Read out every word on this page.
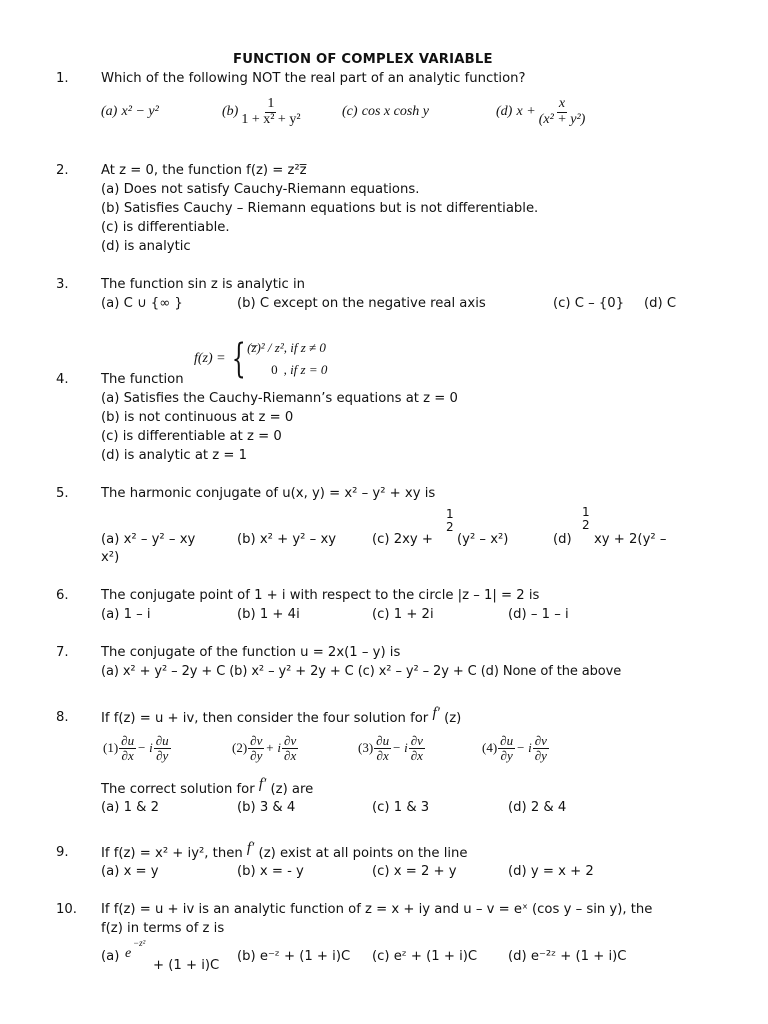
FUNCTION OF COMPLEX VARIABLE
1. Which of the following NOT the real part of an analytic function?
(a)
x² − y²	$(b) \frac{1}{\text{1 + x² + y²}}$	(c)
cos x cosh y	(d)
$x + \frac{x}{\text{(x² + y²)}}$
2. At z = 0, the function f(z) = z²z̅
(a) Does not satisfy Cauchy-Riemann equations.
(b) Satisfies Cauchy – Riemann equations but is not differentiable.
(c) is differentiable.
(d) is analytic
3. The function sin z is analytic in
(a) C ∪ {∞ }	(b) C except on the negative real axis	(c) C – {0} (d) C
f(z) = { (z̅)² / z², if z ≠ 0
0 , if z = 0
4. The function
(a) Satisfies the Cauchy-Riemann’s equations at z = 0
(b) is not continuous at z = 0
(c) is differentiable at z = 0
(d) is analytic at z = 1
5. The harmonic conjugate of u(x, y) = x² – y² + xy is
(a) x² – y² – xy	(b) x² + y² – xy	(c) 2xy +
1
2
(y² – x²)	(d)
1
2
xy + 2(y² –
x²)
6. The conjugate point of 1 + i with respect to the circle |z – 1| = 2 is
(a) 1 – i	(b) 1 + 4i	(c) 1 + 2i	(d) – 1 – i
7. The conjugate of the function u = 2x(1 – y) is
(a) x² + y² – 2y + C (b) x² – y² + 2y + C (c) x² – y² – 2y + C (d) None of the above
8. If f(z) = u + iv, then consider the four solution for f′ (z)
$(1) \frac{\partial u}{\partial x} - i \frac{\partial u}{\partial y}$	$(2) \frac{\partial v}{\partial y} + i \frac{\partial v}{\partial x}$	$(3) \frac{\partial u}{\partial x} - i \frac{\partial v}{\partial x}$	$(4) \frac{\partial u}{\partial y} - i \frac{\partial v}{\partial y}$
The correct solution for f′ (z) are
(a) 1 & 2	(b) 3 & 4	(c) 1 & 3	(d) 2 & 4
9. If f(z) = x² + iy², then f′ (z) exist at all points on the line
(a) x = y	(b) x = - y	(c) x = 2 + y	(d) y = x + 2
10. If f(z) = u + iv is an analytic function of z = x + iy and u – v = eˣ (cos y – sin y), the
f(z) in terms of z is
(a) e
−z²
+ (1 + i)C
(b) e⁻ᶻ + (1 + i)C (c) eᶻ + (1 + i)C (d) e⁻²ᶻ + (1 + i)C
